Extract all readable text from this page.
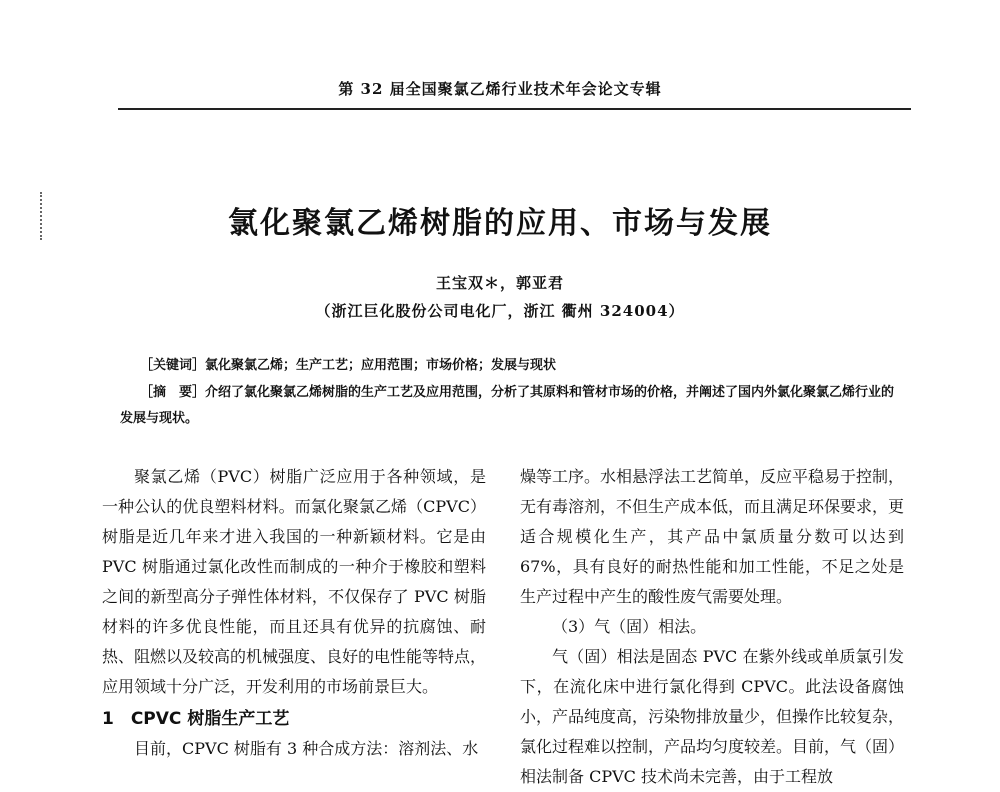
第 32 届全国聚氯乙烯行业技术年会论文专辑
氯化聚氯乙烯树脂的应用、市场与发展
王宝双＊，郭亚君
（浙江巨化股份公司电化厂，浙江 衢州 324004）
［关键词］氯化聚氯乙烯；生产工艺；应用范围；市场价格；发展与现状
［摘　要］介绍了氯化聚氯乙烯树脂的生产工艺及应用范围，分析了其原料和管材市场的价格，并阐述了国内外氯化聚氯乙烯行业的发展与现状。

聚氯乙烯（PVC）树脂广泛应用于各种领域，是一种公认的优良塑料材料。而氯化聚氯乙烯（CPVC）树脂是近几年来才进入我国的一种新颖材料。它是由 PVC 树脂通过氯化改性而制成的一种介于橡胶和塑料之间的新型高分子弹性体材料，不仅保存了 PVC 树脂材料的许多优良性能，而且还具有优异的抗腐蚀、耐热、阻燃以及较高的机械强度、良好的电性能等特点，应用领域十分广泛，开发利用的市场前景巨大。

1　CPVC 树脂生产工艺

目前，CPVC 树脂有 3 种合成方法：溶剂法、水

燥等工序。水相悬浮法工艺简单，反应平稳易于控制，无有毒溶剂，不但生产成本低，而且满足环保要求，更适合规模化生产，其产品中氯质量分数可以达到 67%，具有良好的耐热性能和加工性能，不足之处是生产过程中产生的酸性废气需要处理。

（3）气（固）相法。

气（固）相法是固态 PVC 在紫外线或单质氯引发下，在流化床中进行氯化得到 CPVC。此法设备腐蚀小，产品纯度高，污染物排放量少，但操作比较复杂，氯化过程难以控制，产品均匀度较差。目前，气（固）相法制备 CPVC 技术尚未完善，由于工程放
